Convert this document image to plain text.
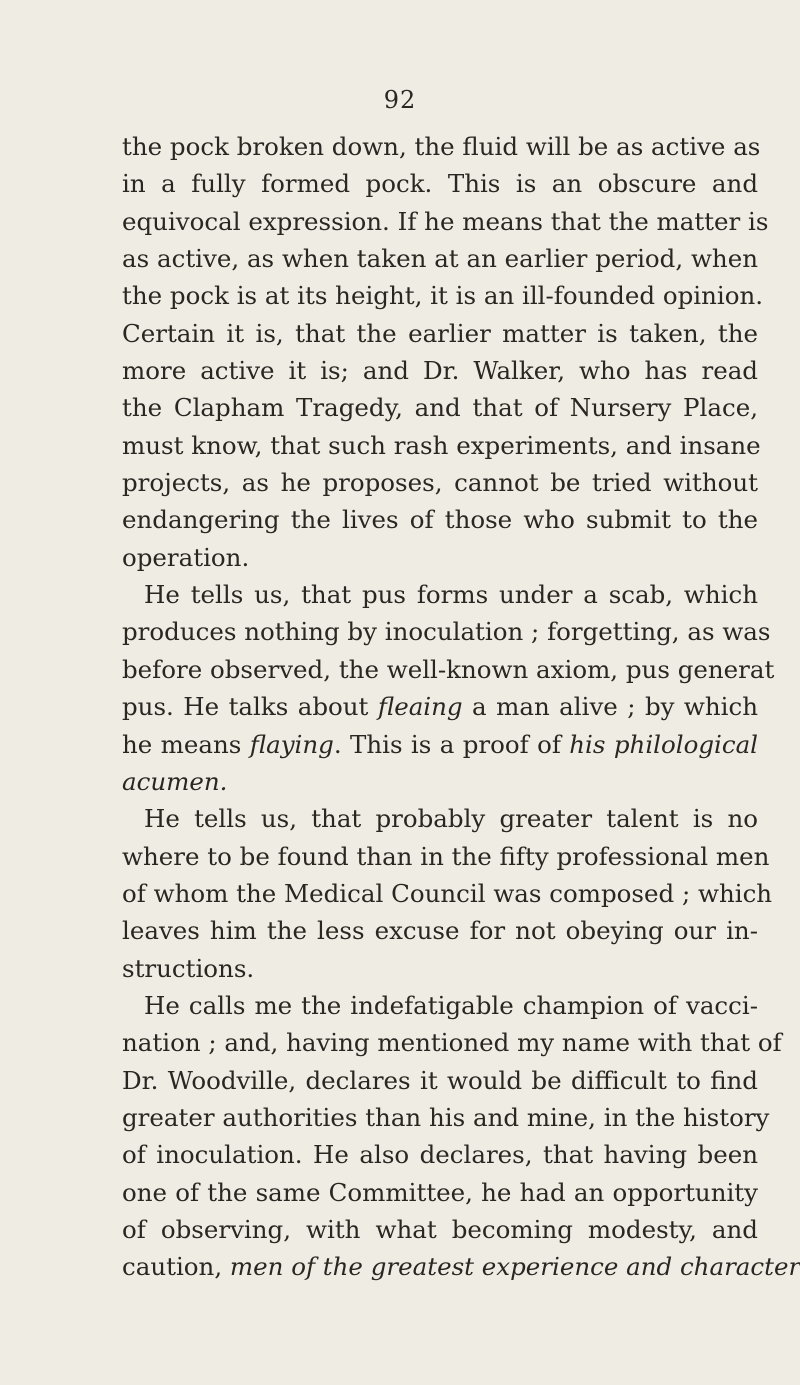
92
the pock broken down, the fluid will be as active as
in a fully formed pock. This is an obscure and
equivocal expression. If he means that the matter is
as active, as when taken at an earlier period, when
the pock is at its height, it is an ill-founded opinion.
Certain it is, that the earlier matter is taken, the
more active it is; and Dr. Walker, who has read
the Clapham Tragedy, and that of Nursery Place,
must know, that such rash experiments, and insane
projects, as he proposes, cannot be tried without
endangering the lives of those who submit to the
operation.
He tells us, that pus forms under a scab, which
produces nothing by inoculation ; forgetting, as was
before observed, the well-known axiom, pus generat
pus. He talks about fleaing a man alive ; by which
he means flaying. This is a proof of his philological
acumen.
He tells us, that probably greater talent is no
where to be found than in the fifty professional men
of whom the Medical Council was composed ; which
leaves him the less excuse for not obeying our in-
structions.
He calls me the indefatigable champion of vacci-
nation ; and, having mentioned my name with that of
Dr. Woodville, declares it would be difficult to find
greater authorities than his and mine, in the history
of inoculation. He also declares, that having been
one of the same Committee, he had an opportunity
of observing, with what becoming modesty, and
caution, men of the greatest experience and character
